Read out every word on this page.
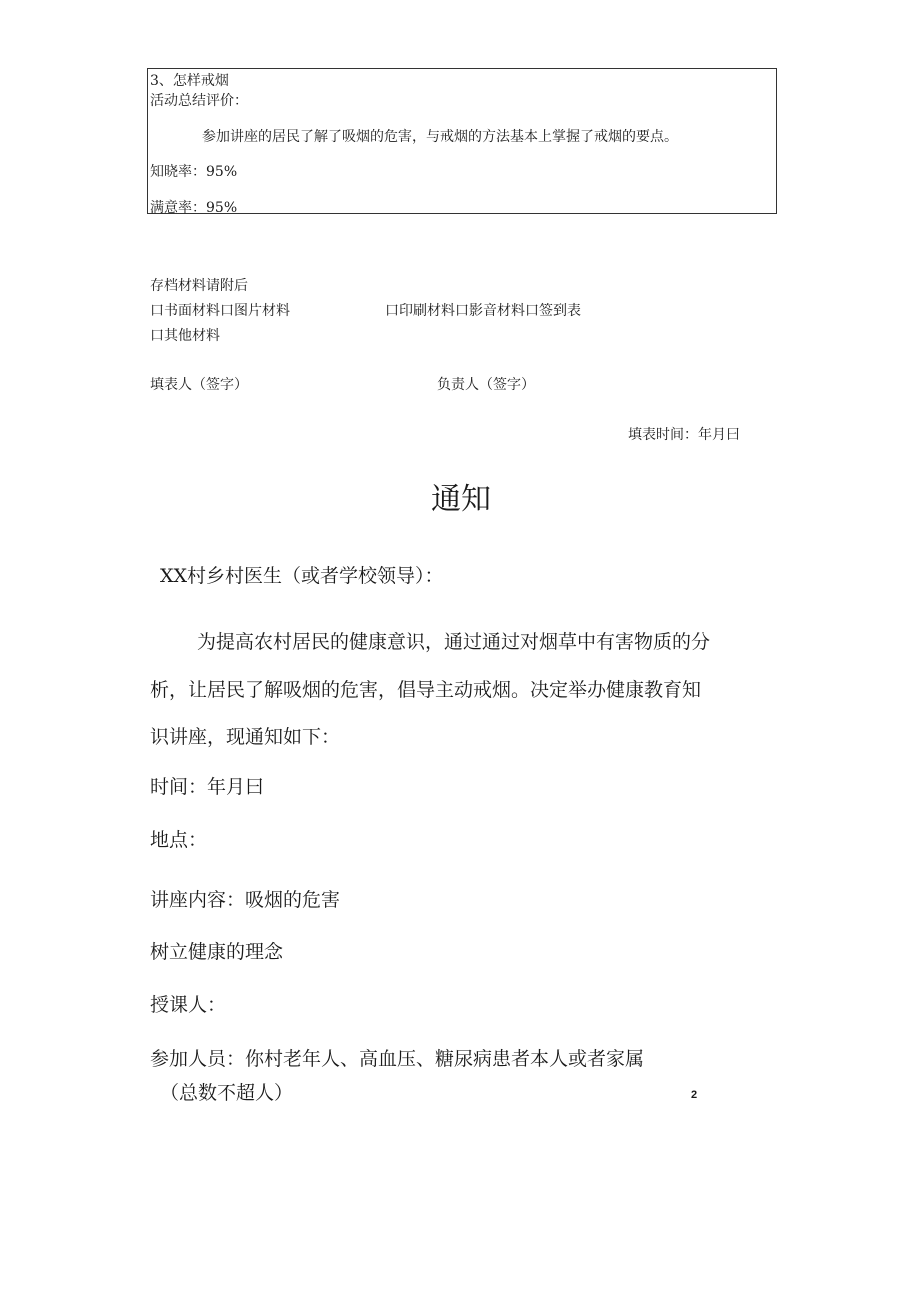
3、怎样戒烟
活动总结评价：
参加讲座的居民了解了吸烟的危害，与戒烟的方法基本上掌握了戒烟的要点。
知晓率：95%
满意率：95%
存档材料请附后
口书面材料口图片材料	口印刷材料口影音材料口签到表
口其他材料
填表人（签字）	负责人（签字）
填表时间：年月曰
通知
XX村乡村医生（或者学校领导）：
为提高农村居民的健康意识，通过通过对烟草中有害物质的分
析，让居民了解吸烟的危害，倡导主动戒烟。决定举办健康教育知
识讲座，现通知如下：
时间：年月曰
地点：
讲座内容：吸烟的危害
树立健康的理念
授课人：
参加人员：你村老年人、高血压、糖尿病患者本人或者家属
（总数不超人）	2
